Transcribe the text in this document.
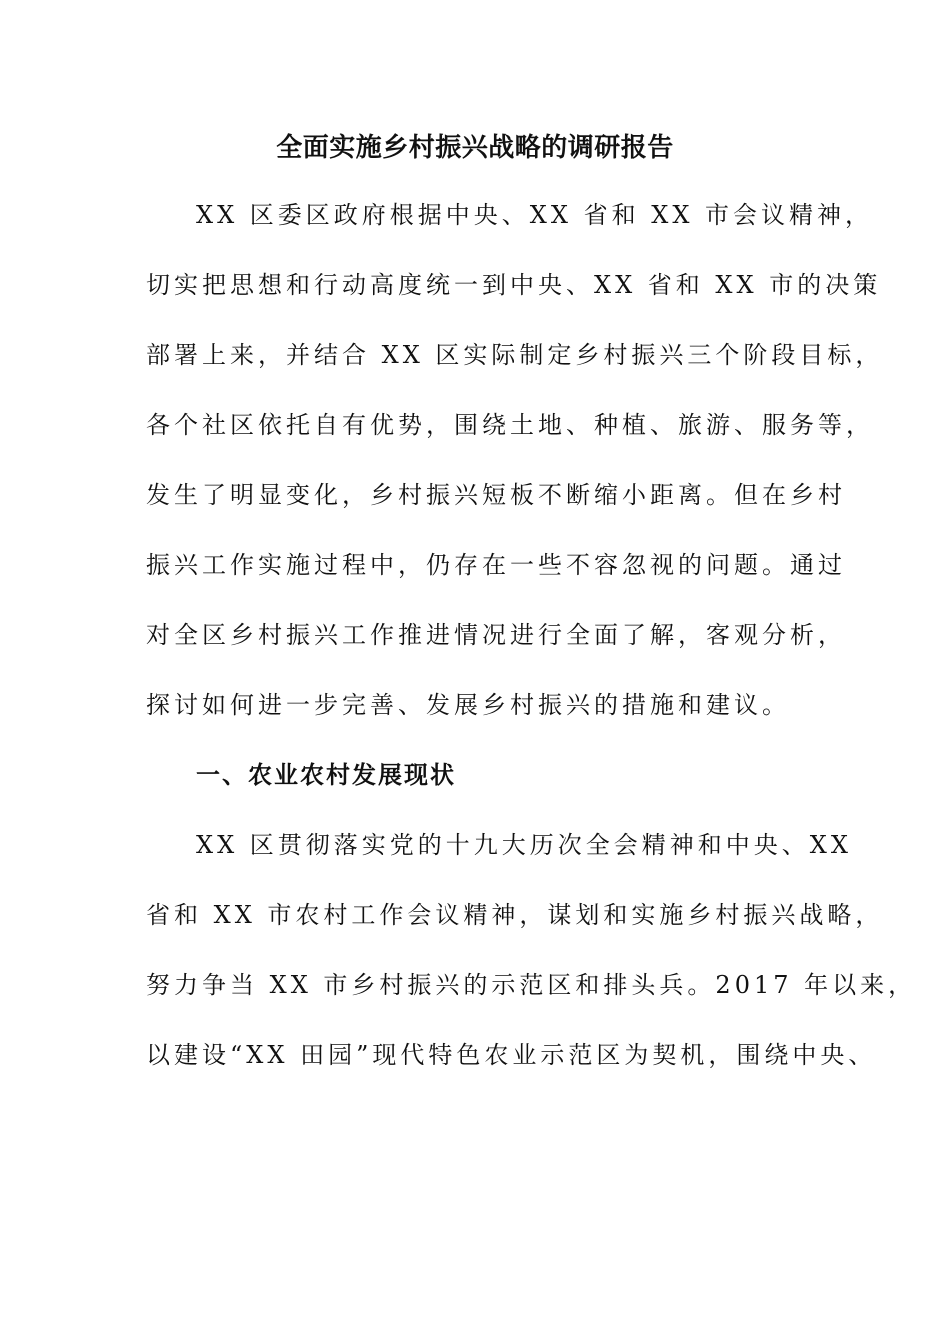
全面实施乡村振兴战略的调研报告
XX 区委区政府根据中央、XX 省和 XX 市会议精神，
切实把思想和行动高度统一到中央、XX 省和 XX 市的决策
部署上来，并结合 XX 区实际制定乡村振兴三个阶段目标，
各个社区依托自有优势，围绕土地、种植、旅游、服务等，
发生了明显变化，乡村振兴短板不断缩小距离。但在乡村
振兴工作实施过程中，仍存在一些不容忽视的问题。通过
对全区乡村振兴工作推进情况进行全面了解，客观分析，
探讨如何进一步完善、发展乡村振兴的措施和建议。
一、农业农村发展现状
XX 区贯彻落实党的十九大历次全会精神和中央、XX
省和 XX 市农村工作会议精神，谋划和实施乡村振兴战略，
努力争当 XX 市乡村振兴的示范区和排头兵。2017 年以来，
以建设“XX 田园”现代特色农业示范区为契机，围绕中央、
